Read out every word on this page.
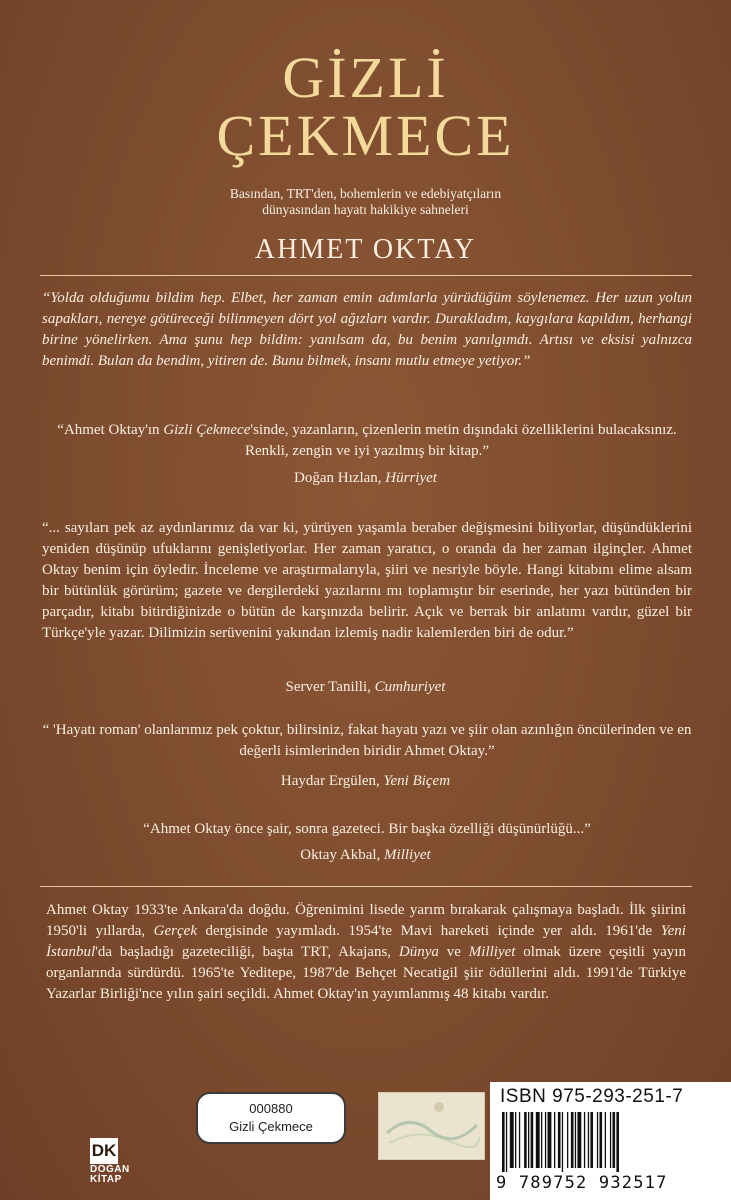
GİZLİ
ÇEKMECE
Basından, TRT'den, bohemlerin ve edebiyatçıların
dünyasından hayatı hakikiye sahneleri
AHMET OKTAY

“Yolda olduğumu bildim hep. Elbet, her zaman emin adımlarla yürüdüğüm söylenemez. Her uzun yolun sapakları, nereye götüreceği bilinmeyen dört yol ağızları vardır. Durakladım, kaygılara kapıldım, herhangi birine yönelirken. Ama şunu hep bildim: yanılsam da, bu benim yanılgımdı. Artısı ve eksisi yalnızca benimdi. Bulan da bendim, yitiren de. Bunu bilmek, insanı mutlu etmeye yetiyor.”

“Ahmet Oktay'ın Gizli Çekmece'sinde, yazanların, çizenlerin metin dışındaki özelliklerini bulacaksınız. Renkli, zengin ve iyi yazılmış bir kitap.”

Doğan Hızlan, Hürriyet

“... sayıları pek az aydınlarımız da var ki, yürüyen yaşamla beraber değişmesini biliyorlar, düşündüklerini yeniden düşünüp ufuklarını genişletiyorlar. Her zaman yaratıcı, o oranda da her zaman ilginçler. Ahmet Oktay benim için öyledir. İnceleme ve araştırmalarıyla, şiiri ve nesriyle böyle. Hangi kitabını elime alsam bir bütünlük görürüm; gazete ve dergilerdeki yazılarını mı toplamıştır bir eserinde, her yazı bütünden bir parçadır, kitabı bitirdiğinizde o bütün de karşınızda belirir. Açık ve berrak bir anlatımı vardır, güzel bir Türkçe'yle yazar. Dilimizin serüvenini yakından izlemiş nadir kalemlerden biri de odur.”

Server Tanilli, Cumhuriyet

“ 'Hayatı roman' olanlarımız pek çoktur, bilirsiniz, fakat hayatı yazı ve şiir olan azınlığın öncülerinden ve en değerli isimlerinden biridir Ahmet Oktay.”

Haydar Ergülen, Yeni Biçem

“Ahmet Oktay önce şair, sonra gazeteci. Bir başka özelliği düşünürlüğü...”

Oktay Akbal, Milliyet

Ahmet Oktay 1933'te Ankara'da doğdu. Öğrenimini lisede yarım bırakarak çalışmaya başladı. İlk şiirini 1950'li yıllarda, Gerçek dergisinde yayımladı. 1954'te Mavi hareketi içinde yer aldı. 1961'de Yeni İstanbul'da başladığı gazeteciliği, başta TRT, Akajans, Dünya ve Milliyet olmak üzere çeşitli yayın organlarında sürdürdü. 1965'te Yeditepe, 1987'de Behçet Necatigil şiir ödüllerini aldı. 1991'de Türkiye Yazarlar Birliği'nce yılın şairi seçildi. Ahmet Oktay'ın yayımlanmış 48 kitabı vardır.

000880
Gizli Çekmece
ISBN 975-293-251-7
9 789752 932517
DK
DOĞAN
KİTAP
